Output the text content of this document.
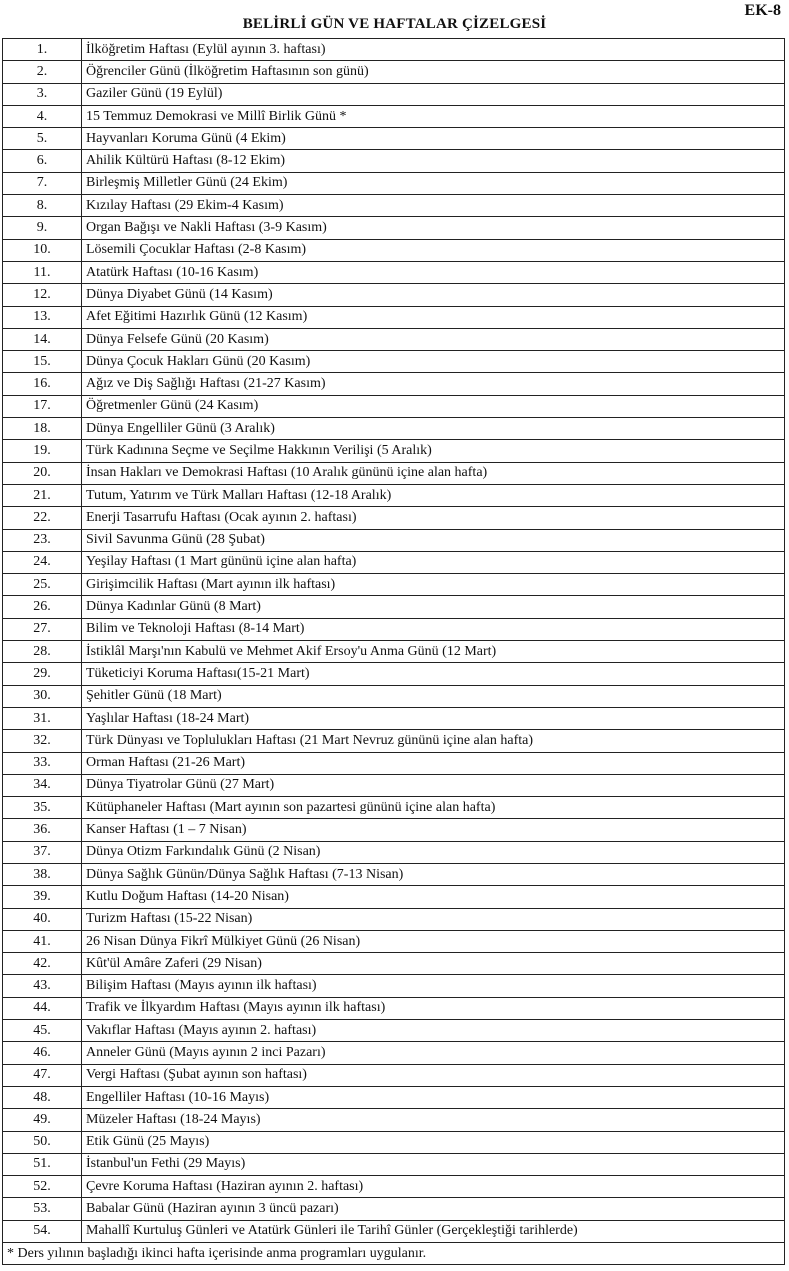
EK-8
BELİRLİ GÜN VE HAFTALAR ÇİZELGESİ
1.	İlköğretim Haftası (Eylül ayının 3. haftası)
2.	Öğrenciler Günü (İlköğretim Haftasının son günü)
3.	Gaziler Günü (19 Eylül)
4.	15 Temmuz Demokrasi ve Millî Birlik Günü *
5.	Hayvanları Koruma Günü (4 Ekim)
6.	Ahilik Kültürü Haftası (8-12 Ekim)
7.	Birleşmiş Milletler Günü (24 Ekim)
8.	Kızılay Haftası (29 Ekim-4 Kasım)
9.	Organ Bağışı ve Nakli Haftası (3-9 Kasım)
10.	Lösemili Çocuklar Haftası (2-8 Kasım)
11.	Atatürk Haftası (10-16 Kasım)
12.	Dünya Diyabet Günü (14 Kasım)
13.	Afet Eğitimi Hazırlık Günü (12 Kasım)
14.	Dünya Felsefe Günü (20 Kasım)
15.	Dünya Çocuk Hakları Günü (20 Kasım)
16.	Ağız ve Diş Sağlığı Haftası (21-27 Kasım)
17.	Öğretmenler Günü (24 Kasım)
18.	Dünya Engelliler Günü (3 Aralık)
19.	Türk Kadınına Seçme ve Seçilme Hakkının Verilişi (5 Aralık)
20.	İnsan Hakları ve Demokrasi Haftası (10 Aralık gününü içine alan hafta)
21.	Tutum, Yatırım ve Türk Malları Haftası (12-18 Aralık)
22.	Enerji Tasarrufu Haftası (Ocak ayının 2. haftası)
23.	Sivil Savunma Günü (28 Şubat)
24.	Yeşilay Haftası (1 Mart gününü içine alan hafta)
25.	Girişimcilik Haftası (Mart ayının ilk haftası)
26.	Dünya Kadınlar Günü (8 Mart)
27.	Bilim ve Teknoloji Haftası (8-14 Mart)
28.	İstiklâl Marşı'nın Kabulü ve Mehmet Akif Ersoy'u Anma Günü (12 Mart)
29.	Tüketiciyi Koruma Haftası(15-21 Mart)
30.	Şehitler Günü (18 Mart)
31.	Yaşlılar Haftası (18-24 Mart)
32.	Türk Dünyası ve Toplulukları Haftası (21 Mart Nevruz gününü içine alan hafta)
33.	Orman Haftası (21-26 Mart)
34.	Dünya Tiyatrolar Günü (27 Mart)
35.	Kütüphaneler Haftası (Mart ayının son pazartesi gününü içine alan hafta)
36.	Kanser Haftası (1 – 7 Nisan)
37.	Dünya Otizm Farkındalık Günü (2 Nisan)
38.	Dünya Sağlık Günün/Dünya Sağlık Haftası (7-13 Nisan)
39.	Kutlu Doğum Haftası (14-20 Nisan)
40.	Turizm Haftası (15-22 Nisan)
41.	26 Nisan Dünya Fikrî Mülkiyet Günü (26 Nisan)
42.	Kût'ül Amâre Zaferi (29 Nisan)
43.	Bilişim Haftası (Mayıs ayının ilk haftası)
44.	Trafik ve İlkyardım Haftası (Mayıs ayının ilk haftası)
45.	Vakıflar Haftası (Mayıs ayının 2. haftası)
46.	Anneler Günü (Mayıs ayının 2 inci Pazarı)
47.	Vergi Haftası (Şubat ayının son haftası)
48.	Engelliler Haftası (10-16 Mayıs)
49.	Müzeler Haftası (18-24 Mayıs)
50.	Etik Günü (25 Mayıs)
51.	İstanbul'un Fethi (29 Mayıs)
52.	Çevre Koruma Haftası (Haziran ayının 2. haftası)
53.	Babalar Günü (Haziran ayının 3 üncü pazarı)
54.	Mahallî Kurtuluş Günleri ve Atatürk Günleri ile Tarihî Günler (Gerçekleştiği tarihlerde)
* Ders yılının başladığı ikinci hafta içerisinde anma programları uygulanır.	
